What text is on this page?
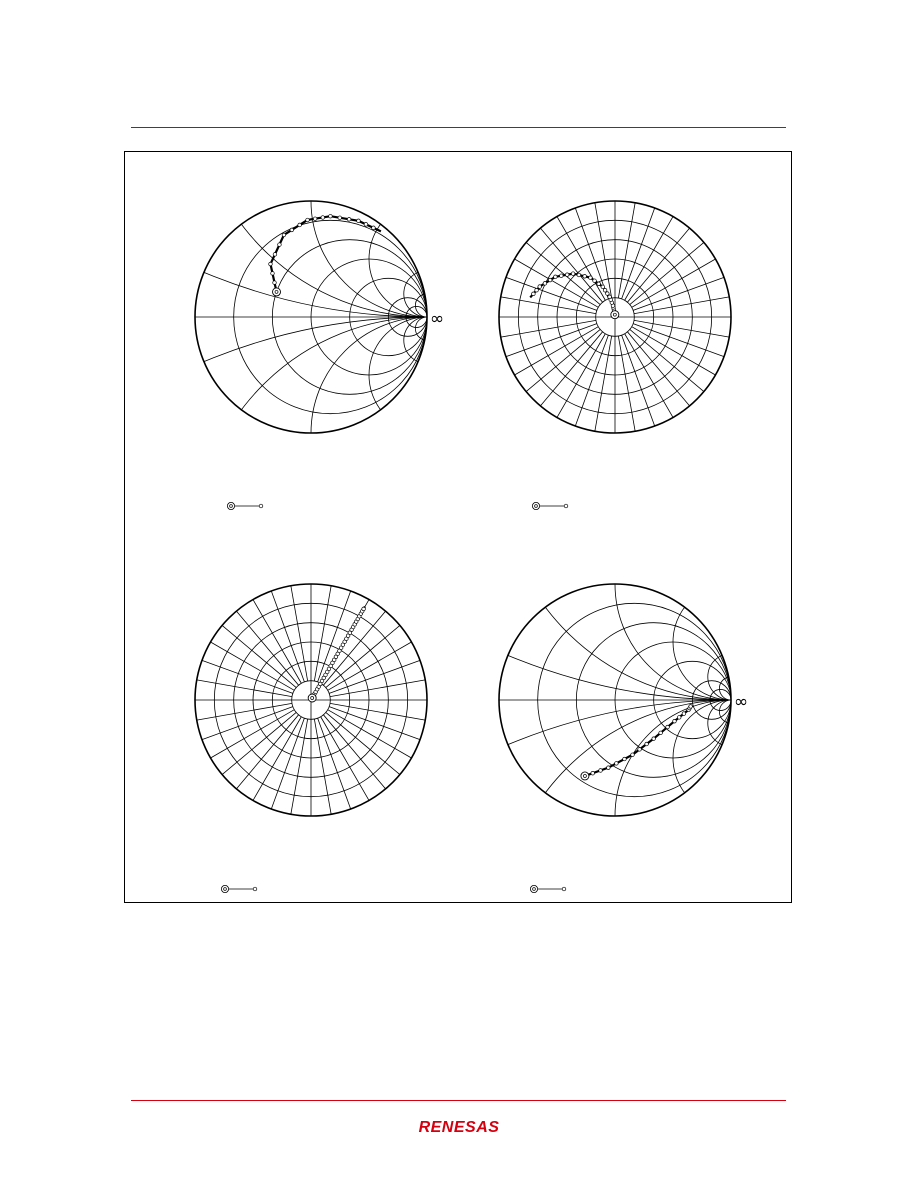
∞
∞
RENESAS
